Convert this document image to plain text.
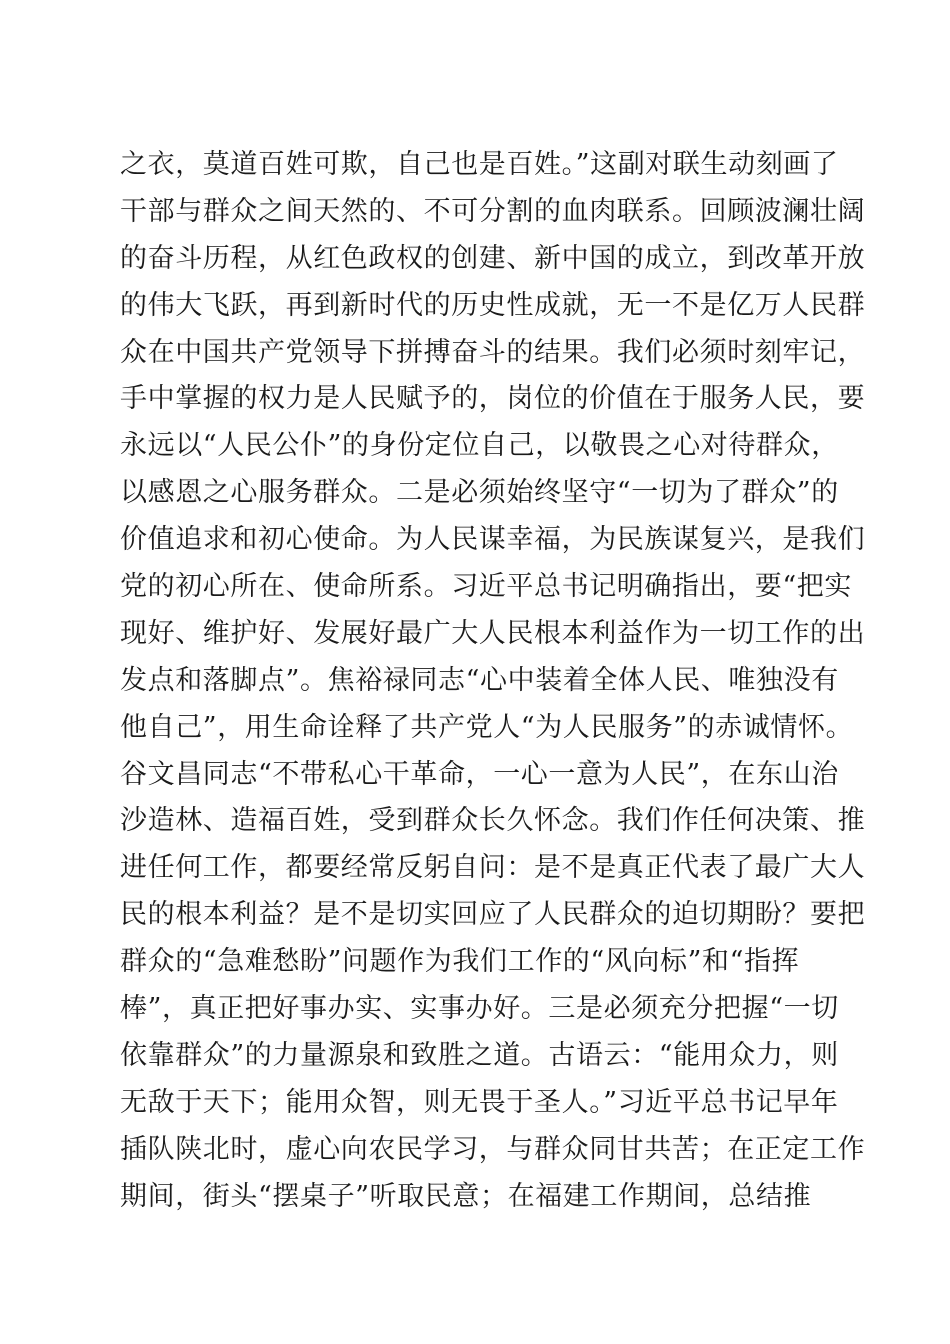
之衣，莫道百姓可欺，自己也是百姓。”这副对联生动刻画了
干部与群众之间天然的、不可分割的血肉联系。回顾波澜壮阔
的奋斗历程，从红色政权的创建、新中国的成立，到改革开放
的伟大飞跃，再到新时代的历史性成就，无一不是亿万人民群
众在中国共产党领导下拼搏奋斗的结果。我们必须时刻牢记，
手中掌握的权力是人民赋予的，岗位的价值在于服务人民，要
永远以“人民公仆”的身份定位自己，以敬畏之心对待群众，
以感恩之心服务群众。二是必须始终坚守“一切为了群众”的
价值追求和初心使命。为人民谋幸福，为民族谋复兴，是我们
党的初心所在、使命所系。习近平总书记明确指出，要“把实
现好、维护好、发展好最广大人民根本利益作为一切工作的出
发点和落脚点”。焦裕禄同志“心中装着全体人民、唯独没有
他自己”，用生命诠释了共产党人“为人民服务”的赤诚情怀。
谷文昌同志“不带私心干革命，一心一意为人民”，在东山治
沙造林、造福百姓，受到群众长久怀念。我们作任何决策、推
进任何工作，都要经常反躬自问：是不是真正代表了最广大人
民的根本利益？是不是切实回应了人民群众的迫切期盼？要把
群众的“急难愁盼”问题作为我们工作的“风向标”和“指挥
棒”，真正把好事办实、实事办好。三是必须充分把握“一切
依靠群众”的力量源泉和致胜之道。古语云：“能用众力，则
无敌于天下；能用众智，则无畏于圣人。”习近平总书记早年
插队陕北时，虚心向农民学习，与群众同甘共苦；在正定工作
期间，街头“摆桌子”听取民意；在福建工作期间，总结推
